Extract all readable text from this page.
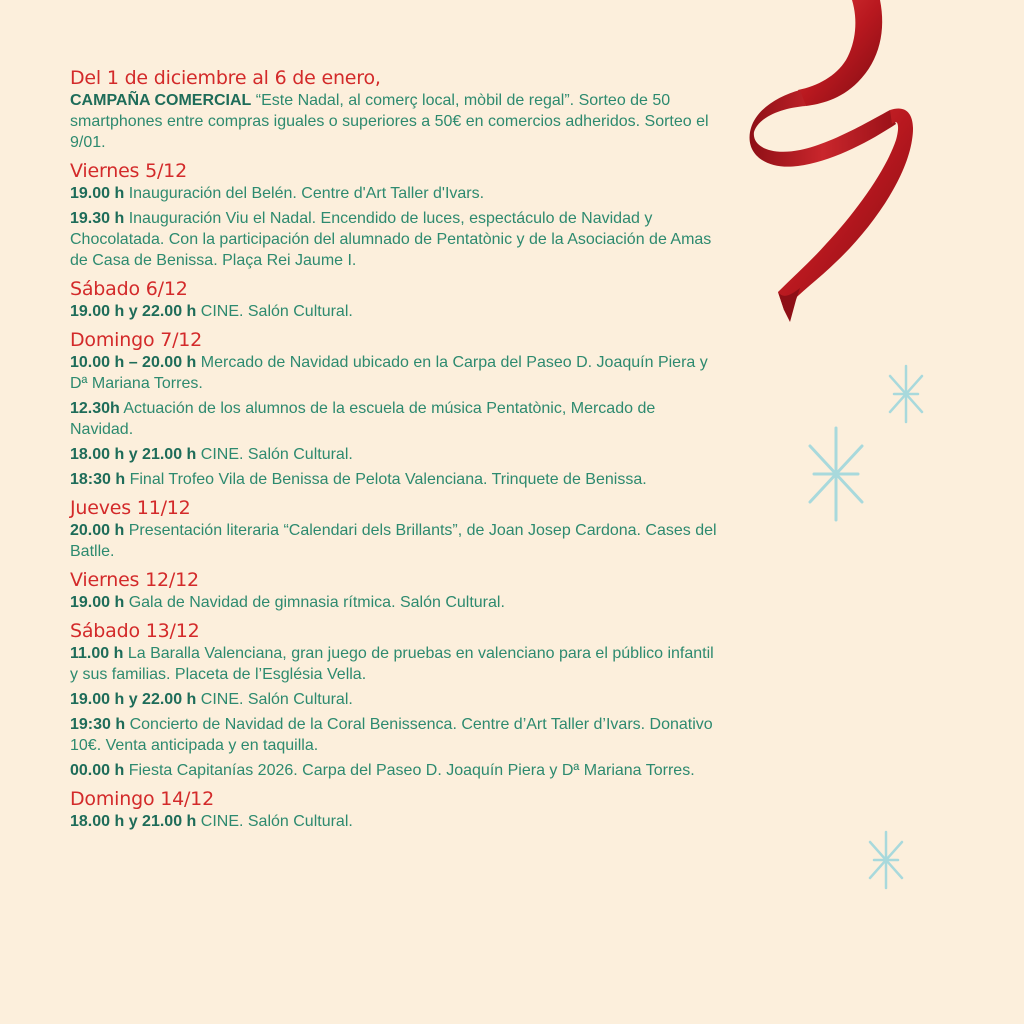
Del 1 de diciembre al 6 de enero,

CAMPAÑA COMERCIAL “Este Nadal, al comerç local, mòbil de regal”. Sorteo de 50 smartphones entre compras iguales o superiores a 50€ en comercios adheridos. Sorteo el 9/01.

Viernes 5/12

19.00 h Inauguración del Belén. Centre d'Art Taller d'Ivars.

19.30 h Inauguración Viu el Nadal. Encendido de luces, espectáculo de Navidad y Chocolatada. Con la participación del alumnado de Pentatònic y de la Asociación de Amas de Casa de Benissa. Plaça Rei Jaume I.

Sábado 6/12

19.00 h y 22.00 h CINE. Salón Cultural.

Domingo 7/12

10.00 h – 20.00 h Mercado de Navidad ubicado en la Carpa del Paseo D. Joaquín Piera y Dª Mariana Torres.

12.30h Actuación de los alumnos de la escuela de música Pentatònic, Mercado de Navidad.

18.00 h y 21.00 h CINE. Salón Cultural.

18:30 h Final Trofeo Vila de Benissa de Pelota Valenciana. Trinquete de Benissa.

Jueves 11/12

20.00 h Presentación literaria “Calendari dels Brillants”, de Joan Josep Cardona. Cases del Batlle.

Viernes 12/12

19.00 h Gala de Navidad de gimnasia rítmica. Salón Cultural.

Sábado 13/12

11.00 h La Baralla Valenciana, gran juego de pruebas en valenciano para el público infantil y sus familias. Placeta de l’Església Vella.

19.00 h y 22.00 h CINE. Salón Cultural.

19:30 h Concierto de Navidad de la Coral Benissenca. Centre d’Art Taller d’Ivars. Donativo 10€. Venta anticipada y en taquilla.

00.00 h Fiesta Capitanías 2026. Carpa del Paseo D. Joaquín Piera y Dª Mariana Torres.

Domingo 14/12

18.00 h y 21.00 h CINE. Salón Cultural.
